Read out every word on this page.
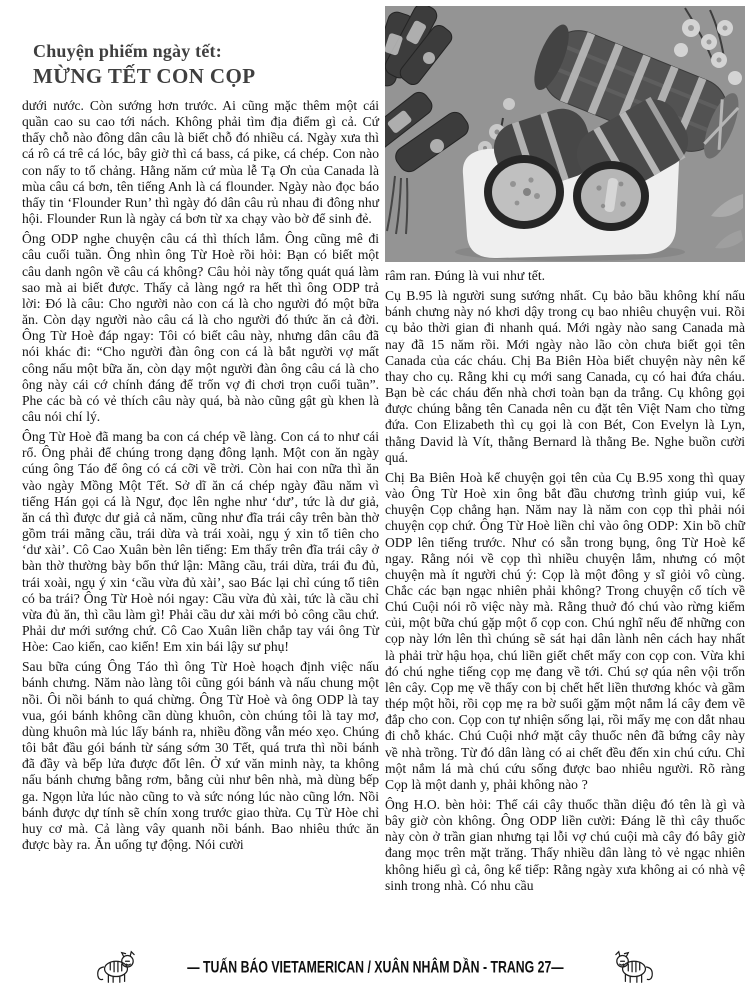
Chuyện phiếm ngày tết:
MỪNG TẾT CON CỌP

dưới nước. Còn sướng hơn trước. Ai cũng mặc thêm một cái quần cao su cao tới nách. Không phải tìm địa điểm gì cả. Cứ thấy chỗ nào đông dân câu là biết chỗ đó nhiều cá. Ngày xưa thì cá rô cá trê cá lóc, bây giờ thì cá bass, cá pike, cá chép. Con nào con nấy to tổ chảng. Hằng năm cứ mùa lễ Tạ Ơn của Canada là mùa câu cá bơn, tên tiếng Anh là cá flounder. Ngày nào đọc báo thấy tin ‘Flounder Run’ thì ngày đó dân câu rủ nhau đi đông như hội. Flounder Run là ngày cá bơn từ xa chạy vào bờ để sinh đẻ.

Ông ODP nghe chuyện câu cá thì thích lắm. Ông cũng mê đi câu cuối tuần. Ông nhìn ông Từ Hoè rồi hỏi: Bạn có biết một câu danh ngôn về câu cá không? Câu hỏi này tổng quát quá làm sao mà ai biết được. Thấy cả làng ngớ ra hết thì ông ODP trả lời: Đó là câu: Cho người nào con cá là cho người đó một bữa ăn. Còn dạy người nào câu cá là cho người đó thức ăn cả đời. Ông Từ Hoè đáp ngay: Tôi có biết câu này, nhưng dân câu đã nói khác đi: “Cho người đàn ông con cá là bắt người vợ mất công nấu một bữa ăn, còn dạy một người đàn ông câu cá là cho ông này cái cớ chính đáng để trốn vợ đi chơi trọn cuối tuần”. Phe các bà có vẻ thích câu này quá, bà nào cũng gật gù khen là câu nói chí lý.

Ông Từ Hoè đã mang ba con cá chép về làng. Con cá to như cái rổ. Ông phải để chúng trong dạng đông lạnh. Một con ăn ngày cúng ông Táo để ông có cá cỡi về trời. Còn hai con nữa thì ăn vào ngày Mồng Một Tết. Sở dĩ ăn cá chép ngày đầu năm vì tiếng Hán gọi cá là Ngư, đọc lên nghe như ‘dư’, tức là dư giả, ăn cá thì được dư giả cả năm, cũng như đĩa trái cây trên bàn thờ gồm trái mãng cầu, trái dừa và trái xoài, ngụ ý xin tổ tiên cho ‘dư xài’. Cô Cao Xuân bèn lên tiếng: Em thấy trên đĩa trái cây ở bàn thờ thường bày bốn thứ lận: Mãng cầu, trái dừa, trái đu đủ, trái xoài, ngụ ý xin ‘cầu vừa đủ xài’, sao Bác lại chỉ cúng tổ tiên có ba trái? Ông Từ Hoè nói ngay: Cầu vừa đủ xài, tức là cầu chỉ vừa đủ ăn, thì cầu làm gì! Phải cầu dư xài mới bỏ công cầu chứ. Phải dư mới sướng chứ. Cô Cao Xuân liền chắp tay vái ông Từ Hòe: Cao kiến, cao kiến! Em xin bái lậy sư phụ!

Sau bữa cúng Ông Táo thì ông Từ Hoè hoạch định việc nấu bánh chưng. Năm nào làng tôi cũng gói bánh và nấu chung một nồi. Ôi nồi bánh to quá chừng. Ông Từ Hoè và ông ODP là tay vua, gói bánh không cần dùng khuôn, còn chúng tôi là tay mơ, dùng khuôn mà lúc lấy bánh ra, nhiều đồng vẫn méo xẹo. Chúng tôi bắt đầu gói bánh từ sáng sớm 30 Tết, quá trưa thì nồi bánh đã đầy và bếp lửa được đốt lên. Ở xứ văn minh này, ta không nấu bánh chưng bằng rơm, bằng củi như bên nhà, mà dùng bếp ga. Ngọn lửa lúc nào cũng to và sức nóng lúc nào cũng lớn. Nồi bánh được dự tính sẽ chín xong trước giao thừa. Cụ Từ Hòe chỉ huy cơ mà. Cả làng vây quanh nồi bánh. Bao nhiêu thức ăn được bày ra. Ăn uống tự động. Nói cười

râm ran. Đúng là vui như tết.

Cụ B.95 là người sung sướng nhất. Cụ bảo bầu không khí nấu bánh chưng này nó khơi dậy trong cụ bao nhiêu chuyện vui. Rồi cụ bảo thời gian đi nhanh quá. Mới ngày nào sang Canada mà nay đã 15 năm rồi. Mới ngày nào lão còn chưa biết gọi tên Canada của các cháu. Chị Ba Biên Hòa biết chuyện này nên kể thay cho cụ. Rằng khi cụ mới sang Canada, cụ có hai đứa cháu. Bạn bè các cháu đến nhà chơi toàn bạn da trắng. Cụ không gọi được chúng bằng tên Canada nên cu đặt tên Việt Nam cho từng đứa. Con Elizabeth thì cụ gọi là con Bét, Con Evelyn là Lyn, thằng David là Vít, thằng Bernard là thằng Be. Nghe buồn cười quá.

Chị Ba Biên Hoà kể chuyện gọi tên của Cụ B.95 xong thì quay vào Ông Từ Hoè xin ông bắt đầu chương trình giúp vui, kể chuyện Cọp chẳng hạn. Năm nay là năm con cọp thì phải nói chuyện cọp chứ. Ông Từ Hoè liền chỉ vào ông ODP: Xin bồ chữ ODP lên tiếng trước. Như có sẵn trong bụng, ông Từ Hoè kể ngay. Rằng nói về cọp thì nhiều chuyện lắm, nhưng có một chuyện mà ít người chú ý: Cọp là một đông y sĩ giỏi vô cùng. Chắc các bạn ngạc nhiên phải không? Trong chuyện cổ tích về Chú Cuội nói rõ việc này mà. Rằng thuở đó chú vào rừng kiếm củi, một bữa chú gặp một ổ cọp con. Chú nghĩ nếu để những con cọp này lớn lên thì chúng sẽ sát hại dân lành nên cách hay nhất là phải trừ hậu họa, chú liền giết chết mấy con cọp con. Vừa khi đó chú nghe tiếng cọp mẹ đang về tới. Chú sợ qúa nên vội trốn lên cây. Cọp mẹ về thấy con bị chết hết liền thương khóc và gầm thép một hồi, rồi cọp mẹ ra bờ suối gặm một nắm lá cây đem về đắp cho con. Cọp con tự nhiện sống lại, rồi mấy mẹ con dắt nhau đi chỗ khác. Chú Cuội nhớ mặt cây thuốc nên đã bứng cây này về nhà trồng. Từ đó dân làng có ai chết đều đến xin chú cứu. Chỉ một nắm lá mà chú cứu sống được bao nhiêu người. Rõ ràng Cọp là một danh y, phải không nào ?

Ông H.O. bèn hỏi: Thế cái cây thuốc thần diệu đó tên là gì và bây giờ còn không. Ông ODP liền cười: Đáng lẽ thì cây thuốc này còn ở trần gian nhưng tại lỗi vợ chú cuội mà cây đó bây giờ đang mọc trên mặt trăng. Thấy nhiều dân làng tỏ vẻ ngạc nhiên không hiểu gì cả, ông kể tiếp: Rằng ngày xưa không ai có nhà vệ sinh trong nhà. Có nhu cầu

— TUẤN BÁO VIETAMERICAN / XUÂN NHÂM DẦN - TRANG 27—
